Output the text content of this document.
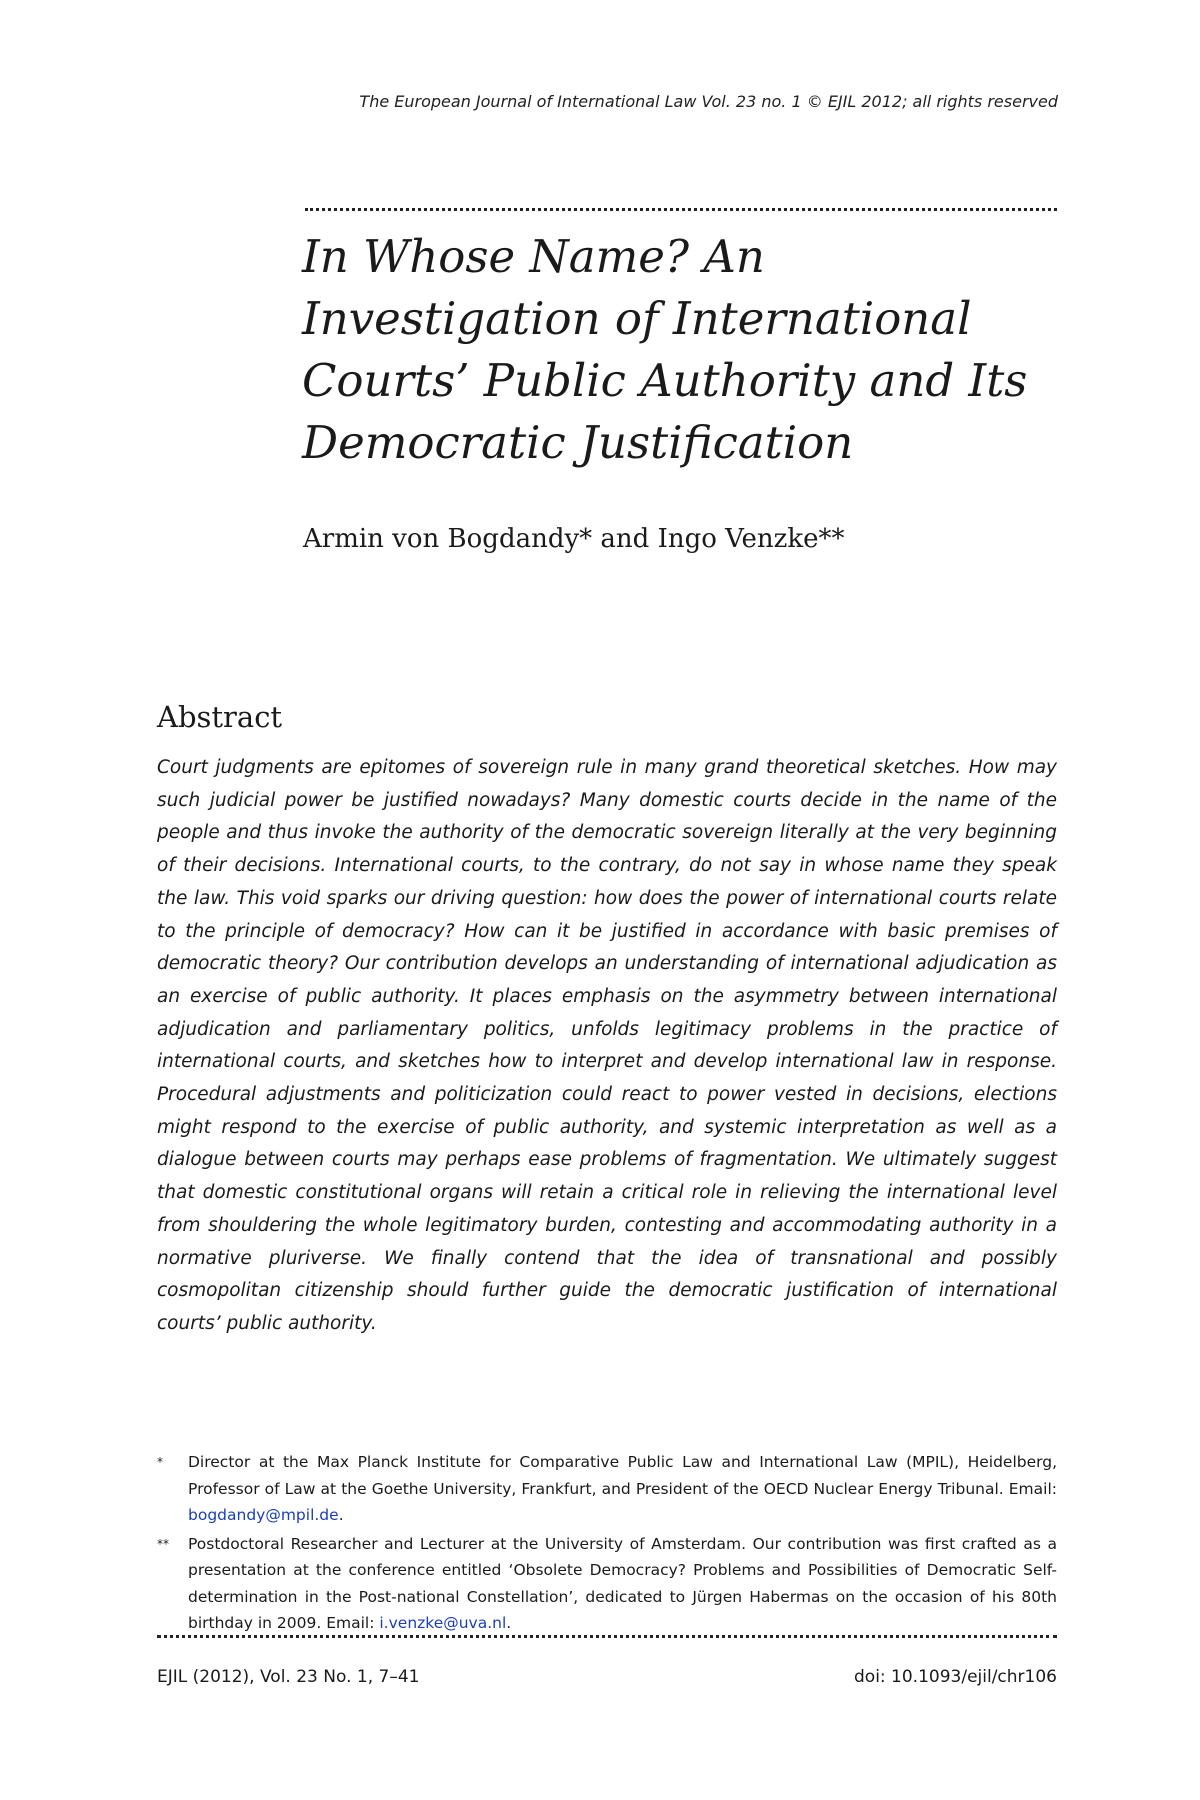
The European Journal of International Law Vol. 23 no. 1 © EJIL 2012; all rights reserved
In Whose Name? An Investigation of International Courts’ Public Authority and Its Democratic Justification
Armin von Bogdandy* and Ingo Venzke**
Abstract

Court judgments are epitomes of sovereign rule in many grand theoretical sketches. How may such judicial power be justified nowadays? Many domestic courts decide in the name of the people and thus invoke the authority of the democratic sovereign literally at the very beginning of their decisions. International courts, to the contrary, do not say in whose name they speak the law. This void sparks our driving question: how does the power of international courts relate to the principle of democracy? How can it be justified in accordance with basic premises of democratic theory? Our contribution develops an understanding of international adjudication as an exercise of public authority. It places emphasis on the asymmetry between international adjudication and parliamentary politics, unfolds legitimacy problems in the practice of international courts, and sketches how to interpret and develop international law in response. Procedural adjustments and politicization could react to power vested in decisions, elections might respond to the exercise of public authority, and systemic interpretation as well as a dialogue between courts may perhaps ease problems of fragmentation. We ultimately suggest that domestic constitutional organs will retain a critical role in relieving the international level from shouldering the whole legitimatory burden, contesting and accommodating authority in a normative pluriverse. We finally contend that the idea of transnational and possibly cosmopolitan citizenship should further guide the democratic justification of international courts’ public authority.

* Director at the Max Planck Institute for Comparative Public Law and International Law (MPIL), Heidelberg, Professor of Law at the Goethe University, Frankfurt, and President of the OECD Nuclear Energy Tribunal. Email: bogdandy@mpil.de.
** Postdoctoral Researcher and Lecturer at the University of Amsterdam. Our contribution was first crafted as a presentation at the conference entitled ‘Obsolete Democracy? Problems and Possibilities of Democratic Self-determination in the Post-national Constellation’, dedicated to Jürgen Habermas on the occasion of his 80th birthday in 2009. Email: i.venzke@uva.nl.
EJIL (2012), Vol. 23 No. 1, 7–41	doi: 10.1093/ejil/chr106
